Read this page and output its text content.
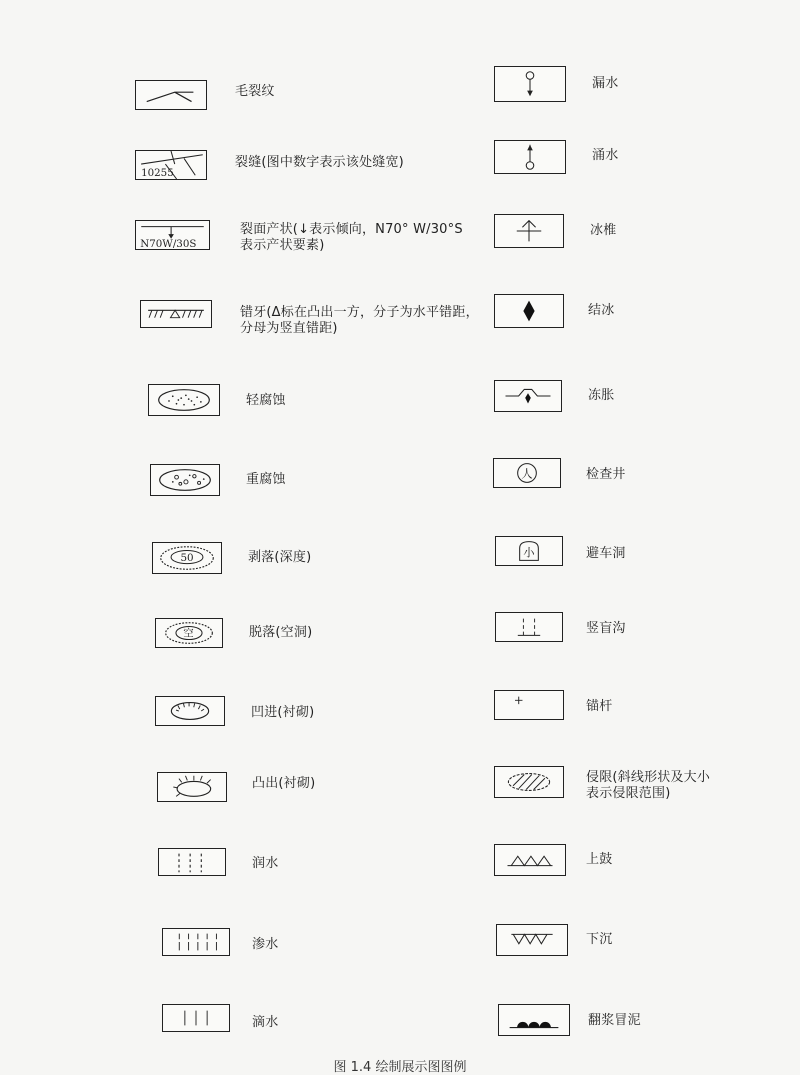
毛裂纹
10255
裂缝(图中数字表示该处缝宽)
N70W/30S
裂面产状(↓表示倾向，N70° W/30°S
表示产状要素)
错牙(Δ标在凸出一方，分子为水平错距，
分母为竖直错距)
轻腐蚀
重腐蚀
50	剥落(深度)
空	脱落(空洞)
凹进(衬砌)
凸出(衬砌)
润水
渗水
滴水
漏水
涌水
冰椎
结冰
冻胀
人	检查井
小	避车洞
竖盲沟
锚杆
侵限(斜线形状及大小
表示侵限范围)
上鼓
下沉
翻浆冒泥
图 1.4 绘制展示图图例
